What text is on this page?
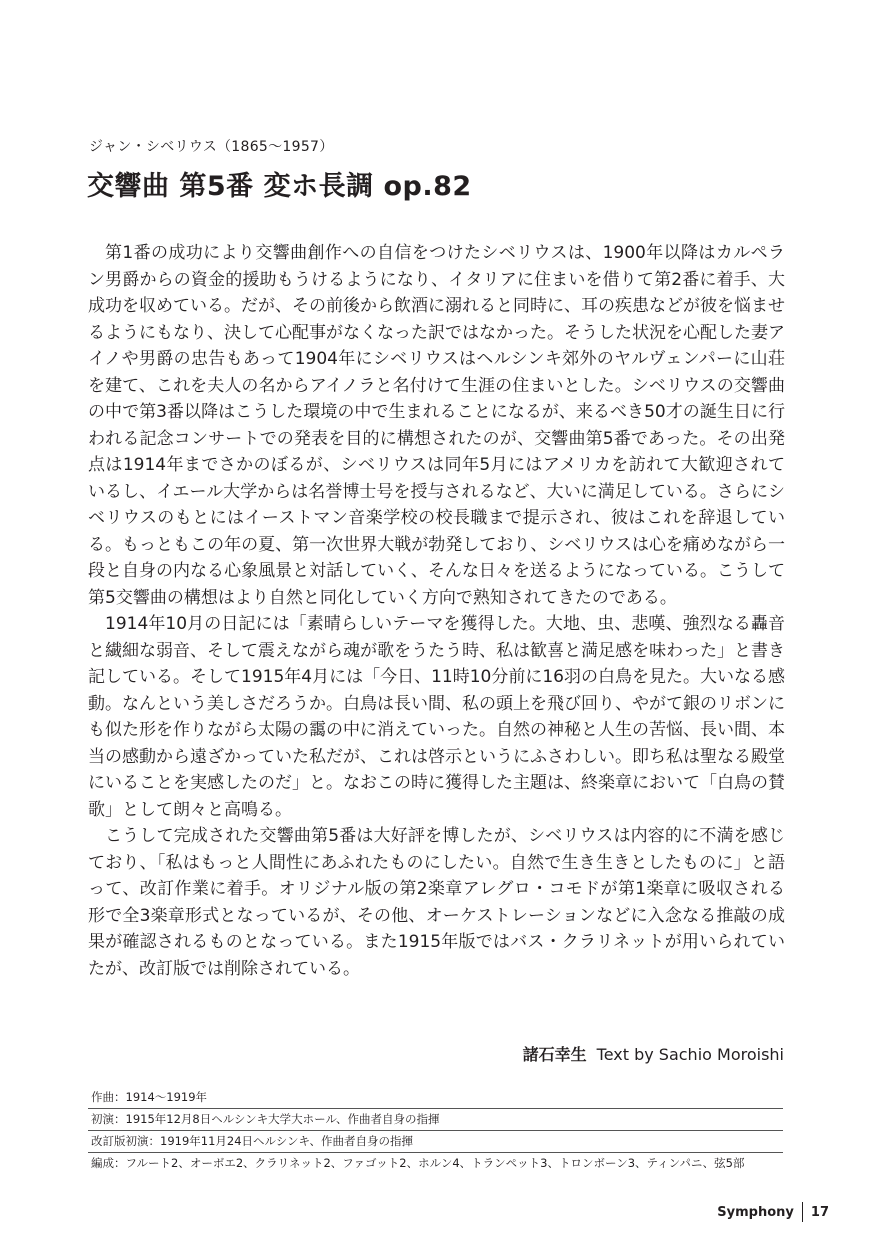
ジャン・シベリウス（1865～1957）
交響曲 第5番 変ホ長調 op.82

第1番の成功により交響曲創作への自信をつけたシベリウスは、1900年以降はカルペラン男爵からの資金的援助もうけるようになり、イタリアに住まいを借りて第2番に着手、大成功を収めている。だが、その前後から飲酒に溺れると同時に、耳の疾患などが彼を悩ませるようにもなり、決して心配事がなくなった訳ではなかった。そうした状況を心配した妻アイノや男爵の忠告もあって1904年にシベリウスはヘルシンキ郊外のヤルヴェンパーに山荘を建て、これを夫人の名からアイノラと名付けて生涯の住まいとした。シベリウスの交響曲の中で第3番以降はこうした環境の中で生まれることになるが、来るべき50才の誕生日に行われる記念コンサートでの発表を目的に構想されたのが、交響曲第5番であった。その出発点は1914年までさかのぼるが、シベリウスは同年5月にはアメリカを訪れて大歓迎されているし、イエール大学からは名誉博士号を授与されるなど、大いに満足している。さらにシベリウスのもとにはイーストマン音楽学校の校長職まで提示され、彼はこれを辞退している。もっともこの年の夏、第一次世界大戦が勃発しており、シベリウスは心を痛めながら一段と自身の内なる心象風景と対話していく、そんな日々を送るようになっている。こうして第5交響曲の構想はより自然と同化していく方向で熟知されてきたのである。

1914年10月の日記には「素晴らしいテーマを獲得した。大地、虫、悲嘆、強烈なる轟音と繊細な弱音、そして震えながら魂が歌をうたう時、私は歓喜と満足感を味わった」と書き記している。そして1915年4月には「今日、11時10分前に16羽の白鳥を見た。大いなる感動。なんという美しさだろうか。白鳥は長い間、私の頭上を飛び回り、やがて銀のリボンにも似た形を作りながら太陽の靄の中に消えていった。自然の神秘と人生の苦悩、長い間、本当の感動から遠ざかっていた私だが、これは啓示というにふさわしい。即ち私は聖なる殿堂にいることを実感したのだ」と。なおこの時に獲得した主題は、終楽章において「白鳥の賛歌」として朗々と高鳴る。

こうして完成された交響曲第5番は大好評を博したが、シベリウスは内容的に不満を感じており、「私はもっと人間性にあふれたものにしたい。自然で生き生きとしたものに」と語って、改訂作業に着手。オリジナル版の第2楽章アレグロ・コモドが第1楽章に吸収される形で全3楽章形式となっているが、その他、オーケストレーションなどに入念なる推敲の成果が確認されるものとなっている。また1915年版ではバス・クラリネットが用いられていたが、改訂版では削除されている。

諸石幸生 Text by Sachio Moroishi
作曲：1914～1919年
初演：1915年12月8日ヘルシンキ大学大ホール、作曲者自身の指揮
改訂版初演：1919年11月24日ヘルシンキ、作曲者自身の指揮
編成：フルート2、オーボエ2、クラリネット2、ファゴット2、ホルン4、トランペット3、トロンボーン3、ティンパニ、弦5部
Symphony 17
